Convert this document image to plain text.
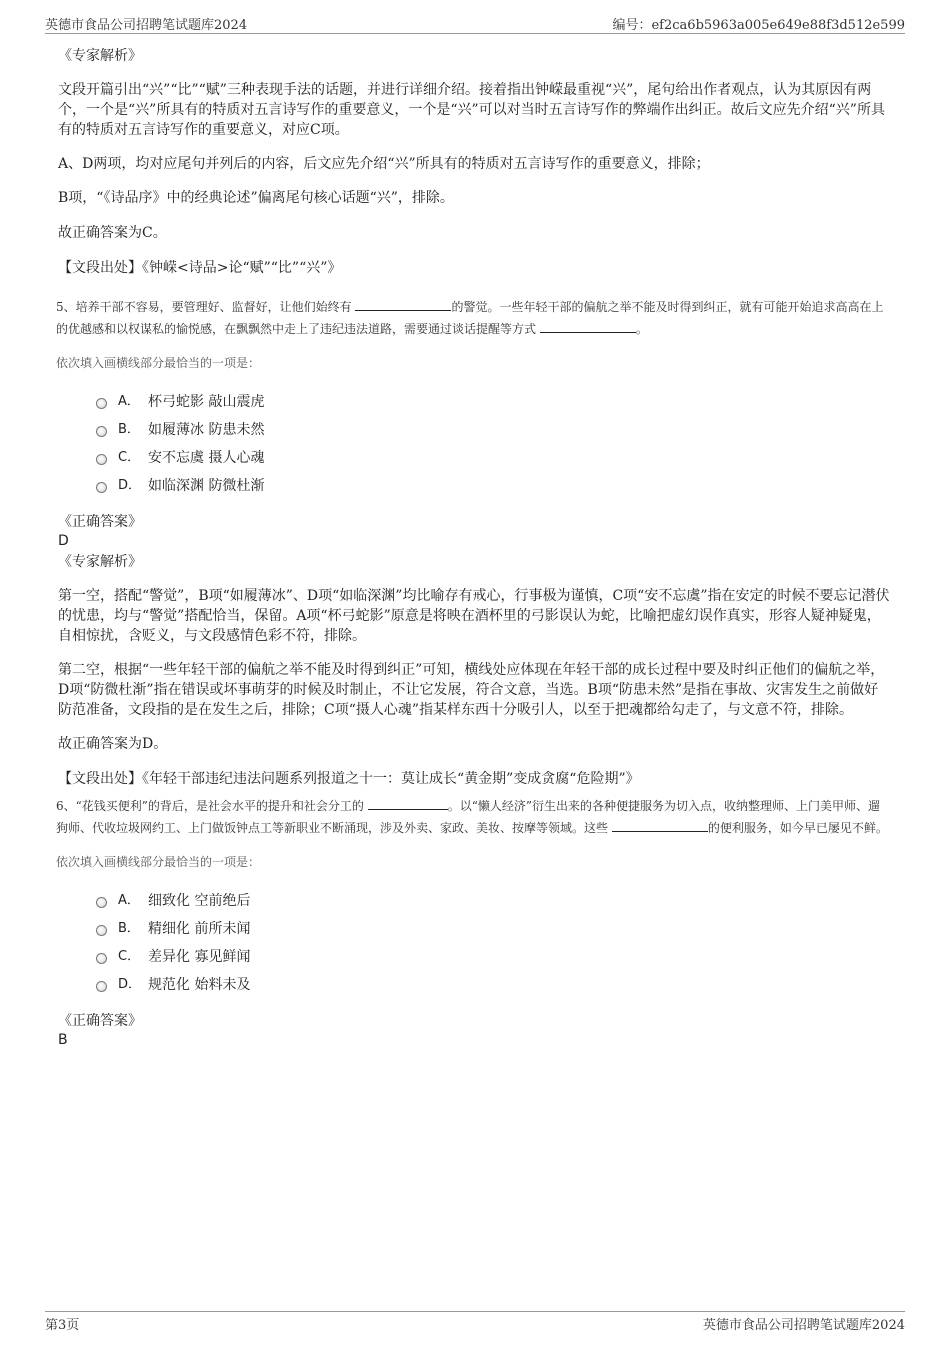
英德市食品公司招聘笔试题库2024	编号：ef2ca6b5963a005e649e88f3d512e599
《专家解析》

文段开篇引出“兴”“比”“赋”三种表现手法的话题，并进行详细介绍。接着指出钟嵘最重视“兴”，尾句给出作者观点，认为其原因有两个，一个是“兴”所具有的特质对五言诗写作的重要意义，一个是“兴”可以对当时五言诗写作的弊端作出纠正。故后文应先介绍“兴”所具有的特质对五言诗写作的重要意义，对应C项。

A、D两项，均对应尾句并列后的内容，后文应先介绍“兴”所具有的特质对五言诗写作的重要意义，排除；

B项，“《诗品序》中的经典论述”偏离尾句核心话题“兴”，排除。

故正确答案为C。

【文段出处】《钟嵘<诗品>论“赋”“比”“兴”》

5、培养干部不容易，要管理好、监督好，让他们始终有	的警觉。一些年轻干部的偏航之举不能及时得到纠正，就有可能开始追求高高在上的优越感和以权谋私的愉悦感，在飘飘然中走上了违纪违法道路，需要通过谈话提醒等方式	。

依次填入画横线部分最恰当的一项是：

A． 杯弓蛇影 敲山震虎
B． 如履薄冰 防患未然
C． 安不忘虞 摄人心魂
D． 如临深渊 防微杜渐
《正确答案》
D
《专家解析》

第一空，搭配“警觉”，B项“如履薄冰”、D项“如临深渊”均比喻存有戒心，行事极为谨慎，C项“安不忘虞”指在安定的时候不要忘记潜伏的忧患，均与“警觉”搭配恰当，保留。A项“杯弓蛇影”原意是将映在酒杯里的弓影误认为蛇，比喻把虚幻误作真实，形容人疑神疑鬼，自相惊扰，含贬义，与文段感情色彩不符，排除。

第二空，根据“一些年轻干部的偏航之举不能及时得到纠正”可知，横线处应体现在年轻干部的成长过程中要及时纠正他们的偏航之举，D项“防微杜渐”指在错误或坏事萌芽的时候及时制止，不让它发展，符合文意，当选。B项“防患未然”是指在事故、灾害发生之前做好防范准备，文段指的是在发生之后，排除；C项“摄人心魂”指某样东西十分吸引人，以至于把魂都给勾走了，与文意不符，排除。

故正确答案为D。

【文段出处】《年轻干部违纪违法问题系列报道之十一：莫让成长“黄金期”变成贪腐“危险期”》

6、“花钱买便利”的背后，是社会水平的提升和社会分工的	。以“懒人经济”衍生出来的各种便捷服务为切入点，收纳整理师、上门美甲师、遛狗师、代收垃圾网约工、上门做饭钟点工等新职业不断涌现，涉及外卖、家政、美妆、按摩等领域。这些	的便利服务，如今早已屡见不鲜。

依次填入画横线部分最恰当的一项是：

A． 细致化 空前绝后
B． 精细化 前所未闻
C． 差异化 寡见鲜闻
D． 规范化 始料未及
《正确答案》
B
第3页	英德市食品公司招聘笔试题库2024
